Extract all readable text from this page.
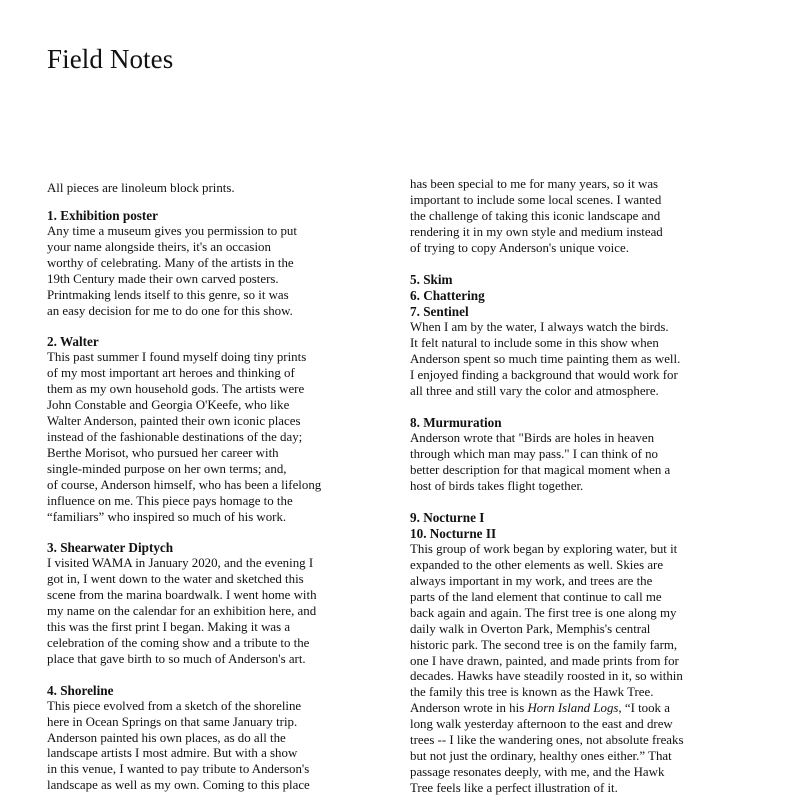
Field Notes

All pieces are linoleum block prints.

1. Exhibition poster

Any time a museum gives you permission to put
your name alongside theirs, it's an occasion
worthy of celebrating. Many of the artists in the
19th Century made their own carved posters.
Printmaking lends itself to this genre, so it was
an easy decision for me to do one for this show.

2. Walter

This past summer I found myself doing tiny prints
of my most important art heroes and thinking of
them as my own household gods. The artists were
John Constable and Georgia O'Keefe, who like
Walter Anderson, painted their own iconic places
instead of the fashionable destinations of the day;
Berthe Morisot, who pursued her career with
single-minded purpose on her own terms; and,
of course, Anderson himself, who has been a lifelong
influence on me. This piece pays homage to the
“familiars” who inspired so much of his work.

3. Shearwater Diptych

I visited WAMA in January 2020, and the evening I
got in, I went down to the water and sketched this
scene from the marina boardwalk. I went home with
my name on the calendar for an exhibition here, and
this was the first print I began. Making it was a
celebration of the coming show and a tribute to the
place that gave birth to so much of Anderson's art.

4. Shoreline

This piece evolved from a sketch of the shoreline
here in Ocean Springs on that same January trip.
Anderson painted his own places, as do all the
landscape artists I most admire. But with a show
in this venue, I wanted to pay tribute to Anderson's
landscape as well as my own. Coming to this place
has been special to me for many years, so it was
important to include some local scenes. I wanted
the challenge of taking this iconic landscape and
rendering it in my own style and medium instead
of trying to copy Anderson's unique voice.

5. Skim
6. Chattering
7. Sentinel

When I am by the water, I always watch the birds.
It felt natural to include some in this show when
Anderson spent so much time painting them as well.
I enjoyed finding a background that would work for
all three and still vary the color and atmosphere.

8. Murmuration

Anderson wrote that "Birds are holes in heaven
through which man may pass." I can think of no
better description for that magical moment when a
host of birds takes flight together.

9. Nocturne I
10. Nocturne II

This group of work began by exploring water, but it
expanded to the other elements as well. Skies are
always important in my work, and trees are the
parts of the land element that continue to call me
back again and again. The first tree is one along my
daily walk in Overton Park, Memphis's central
historic park. The second tree is on the family farm,
one I have drawn, painted, and made prints from for
decades. Hawks have steadily roosted in it, so within
the family this tree is known as the Hawk Tree.
Anderson wrote in his Horn Island Logs, “I took a
long walk yesterday afternoon to the east and drew
trees -- I like the wandering ones, not absolute freaks
but not just the ordinary, healthy ones either.” That
passage resonates deeply, with me, and the Hawk
Tree feels like a perfect illustration of it.
